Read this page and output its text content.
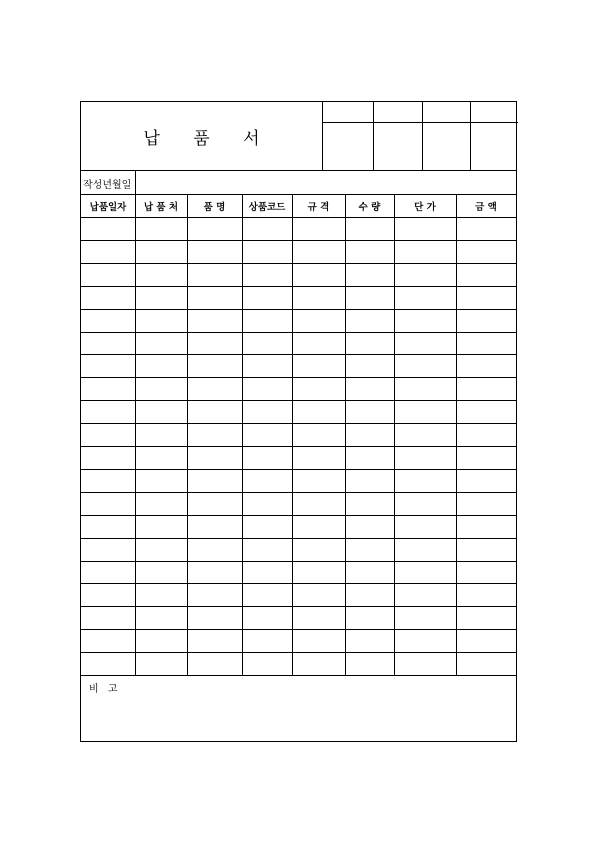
납 품 서
작성년월일
납품일자	납 품 처	품 명	상품코드	규 격	수 량	단 가	금 액
비 고
